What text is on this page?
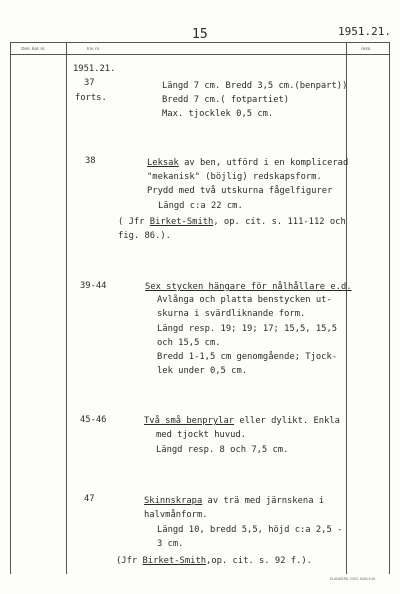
15	1951.21.
Gen. kat. nr.	Inv. nr.	Anm.
1951.21.
37
forts.
Längd 7 cm. Bredd 3,5 cm.(benpart))
Bredd 7 cm.( fotpartiet)
Max. tjocklek 0,5 cm.
38	Leksak av ben, utförd i en komplicerad
"mekanisk" (böjlig) redskapsform.
Prydd med två utskurna fågelfigurer
Längd c:a 22 cm.
( Jfr Birket-Smith, op. cit. s. 111-112 och
fig. 86.).
39-44	Sex stycken hängare för nålhållare e.d.
Avlånga och platta benstycken ut-
skurna i svärdliknande form.
Längd resp. 19; 19; 17; 15,5, 15,5
och 15,5 cm.
Bredd 1-1,5 cm genomgående; Tjock-
lek under 0,5 cm.
45-46	Två små benprylar eller dylikt. Enkla
med tjockt huvud.
Längd resp. 8 och 7,5 cm.
47	Skinnskrapa av trä med järnskena i
halvmånform.
Längd 10, bredd 5,5, höjd c:a 2,5 -
3 cm.
(Jfr Birket-Smith,op. cit. s. 92 f.).
ELANDERS, GÖG. 6004-5.49
